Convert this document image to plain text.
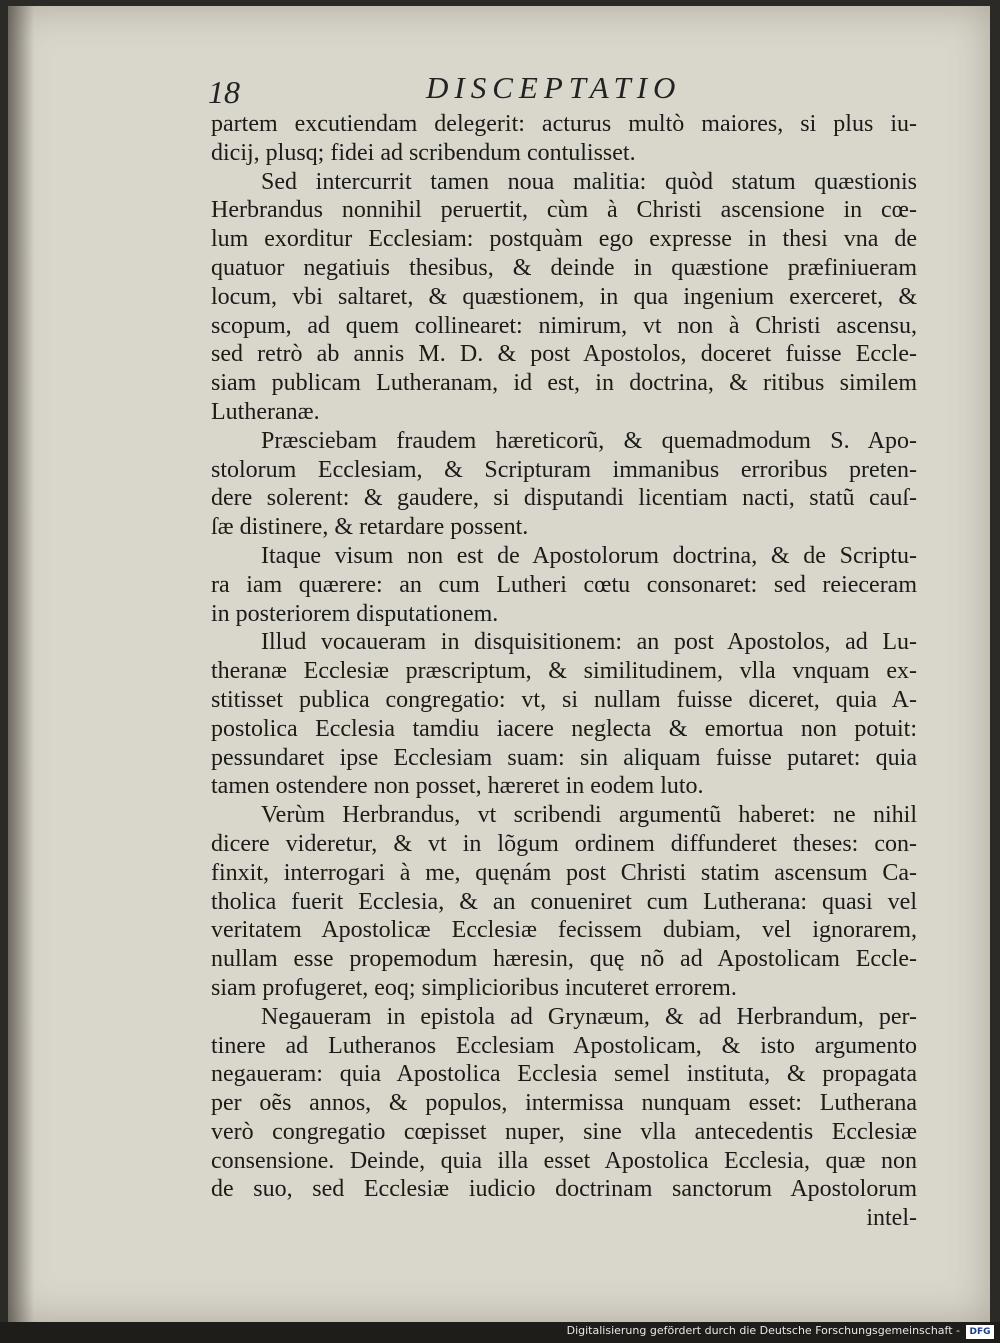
18	DISCEPTATIO
partem excutiendam delegerit: acturus multò maiores, si plus iu-
dicij, plusq; fidei ad scribendum contulisset.
Sed intercurrit tamen noua malitia: quòd statum quæstionis
Herbrandus nonnihil peruertit, cùm à Christi ascensione in cœ-
lum exorditur Ecclesiam: postquàm ego expresse in thesi vna de
quatuor negatiuis thesibus, & deinde in quæstione præfiniueram
locum, vbi saltaret, & quæstionem, in qua ingenium exerceret, &
scopum, ad quem collinearet: nimirum, vt non à Christi ascensu,
sed retrò ab annis M. D. & post Apostolos, doceret fuisse Eccle-
siam publicam Lutheranam, id est, in doctrina, & ritibus similem
Lutheranæ.
Præsciebam fraudem hæreticorũ, & quemadmodum S. Apo-
stolorum Ecclesiam, & Scripturam immanibus erroribus preten-
dere solerent: & gaudere, si disputandi licentiam nacti, statũ cauſ-
ſæ distinere, & retardare possent.
Itaque visum non est de Apostolorum doctrina, & de Scriptu-
ra iam quærere: an cum Lutheri cœtu consonaret: sed reieceram
in posteriorem disputationem.
Illud vocaueram in disquisitionem: an post Apostolos, ad Lu-
theranæ Ecclesiæ præscriptum, & similitudinem, vlla vnquam ex-
stitisset publica congregatio: vt, si nullam fuisse diceret, quia A-
postolica Ecclesia tamdiu iacere neglecta & emortua non potuit:
pessundaret ipse Ecclesiam suam: sin aliquam fuisse putaret: quia
tamen ostendere non posset, hæreret in eodem luto.
Verùm Herbrandus, vt scribendi argumentũ haberet: ne nihil
dicere videretur, & vt in lõgum ordinem diffunderet theses: con-
finxit, interrogari à me, quęnám post Christi statim ascensum Ca-
tholica fuerit Ecclesia, & an conueniret cum Lutherana: quasi vel
veritatem Apostolicæ Ecclesiæ fecissem dubiam, vel ignorarem,
nullam esse propemodum hæresin, quę nõ ad Apostolicam Eccle-
siam profugeret, eoq; simplicioribus incuteret errorem.
Negaueram in epistola ad Grynæum, & ad Herbrandum, per-
tinere ad Lutheranos Ecclesiam Apostolicam, & isto argumento
negaueram: quia Apostolica Ecclesia semel instituta, & propagata
per oẽs annos, & populos, intermissa nunquam esset: Lutherana
verò congregatio cœpisset nuper, sine vlla antecedentis Ecclesiæ
consensione. Deinde, quia illa esset Apostolica Ecclesia, quæ non
de suo, sed Ecclesiæ iudicio doctrinam sanctorum Apostolorum
intel-
Digitalisierung gefördert durch die Deutsche Forschungsgemeinschaft -	DFG
